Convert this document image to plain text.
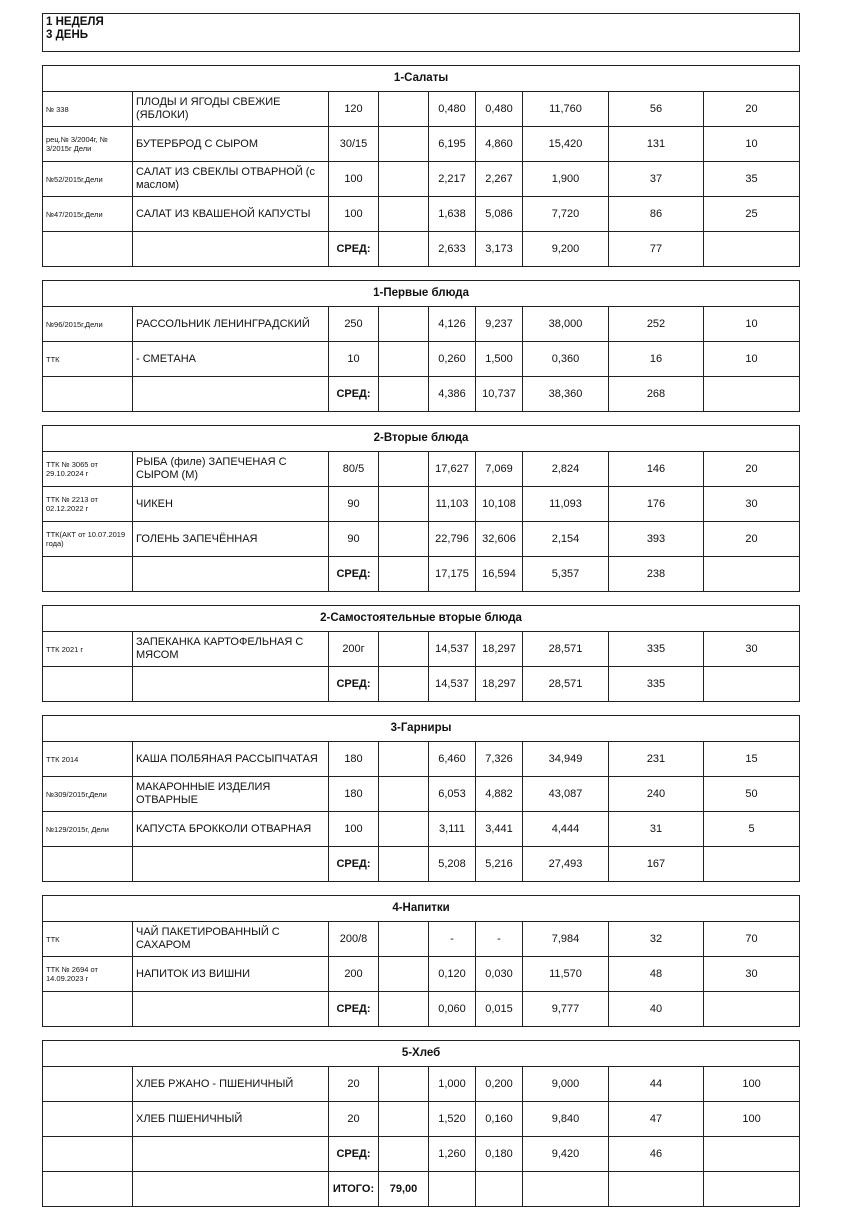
1 НЕДЕЛЯ
3 ДЕНЬ								

1-Салаты								
№ 338	ПЛОДЫ И ЯГОДЫ СВЕЖИЕ (ЯБЛОКИ)	120		0,480	0,480	11,760	56	20
рец.№ 3/2004г, № 3/2015г Дели	БУТЕРБРОД С СЫРОМ	30/15		6,195	4,860	15,420	131	10
№52/2015г,Дели	САЛАТ ИЗ СВЕКЛЫ ОТВАРНОЙ (с маслом)	100		2,217	2,267	1,900	37	35
№47/2015г,Дели	САЛАТ ИЗ КВАШЕНОЙ КАПУСТЫ	100		1,638	5,086	7,720	86	25
		СРЕД:		2,633	3,173	9,200	77	

1-Первые блюда								
№96/2015г,Дели	РАССОЛЬНИК ЛЕНИНГРАДСКИЙ	250		4,126	9,237	38,000	252	10
ТТК	- СМЕТАНА	10		0,260	1,500	0,360	16	10
		СРЕД:		4,386	10,737	38,360	268	

2-Вторые блюда								
ТТК № 3065 от 29.10.2024 г	РЫБА (филе) ЗАПЕЧЕНАЯ С СЫРОМ (М)	80/5		17,627	7,069	2,824	146	20
ТТК № 2213 от 02.12.2022 г	ЧИКЕН	90		11,103	10,108	11,093	176	30
ТТК(АКТ от 10.07.2019 года)	ГОЛЕНЬ ЗАПЕЧЁННАЯ	90		22,796	32,606	2,154	393	20
		СРЕД:		17,175	16,594	5,357	238	

2-Самостоятельные вторые блюда								
ТТК 2021 г	ЗАПЕКАНКА КАРТОФЕЛЬНАЯ С МЯСОМ	200г		14,537	18,297	28,571	335	30
		СРЕД:		14,537	18,297	28,571	335	

3-Гарниры								
ТТК 2014	КАША ПОЛБЯНАЯ РАССЫПЧАТАЯ	180		6,460	7,326	34,949	231	15
№309/2015г,Дели	МАКАРОННЫЕ ИЗДЕЛИЯ ОТВАРНЫЕ	180		6,053	4,882	43,087	240	50
№129/2015г, Дели	КАПУСТА БРОККОЛИ ОТВАРНАЯ	100		3,111	3,441	4,444	31	5
		СРЕД:		5,208	5,216	27,493	167	

4-Напитки								
ТТК	ЧАЙ ПАКЕТИРОВАННЫЙ С САХАРОМ	200/8		-	-	7,984	32	70
ТТК № 2694 от 14.09.2023 г	НАПИТОК ИЗ ВИШНИ	200		0,120	0,030	11,570	48	30
		СРЕД:		0,060	0,015	9,777	40	

5-Хлеб								
	ХЛЕБ РЖАНО - ПШЕНИЧНЫЙ	20		1,000	0,200	9,000	44	100
	ХЛЕБ ПШЕНИЧНЫЙ	20		1,520	0,160	9,840	47	100
		СРЕД:		1,260	0,180	9,420	46	
		ИТОГО:	79,00					
